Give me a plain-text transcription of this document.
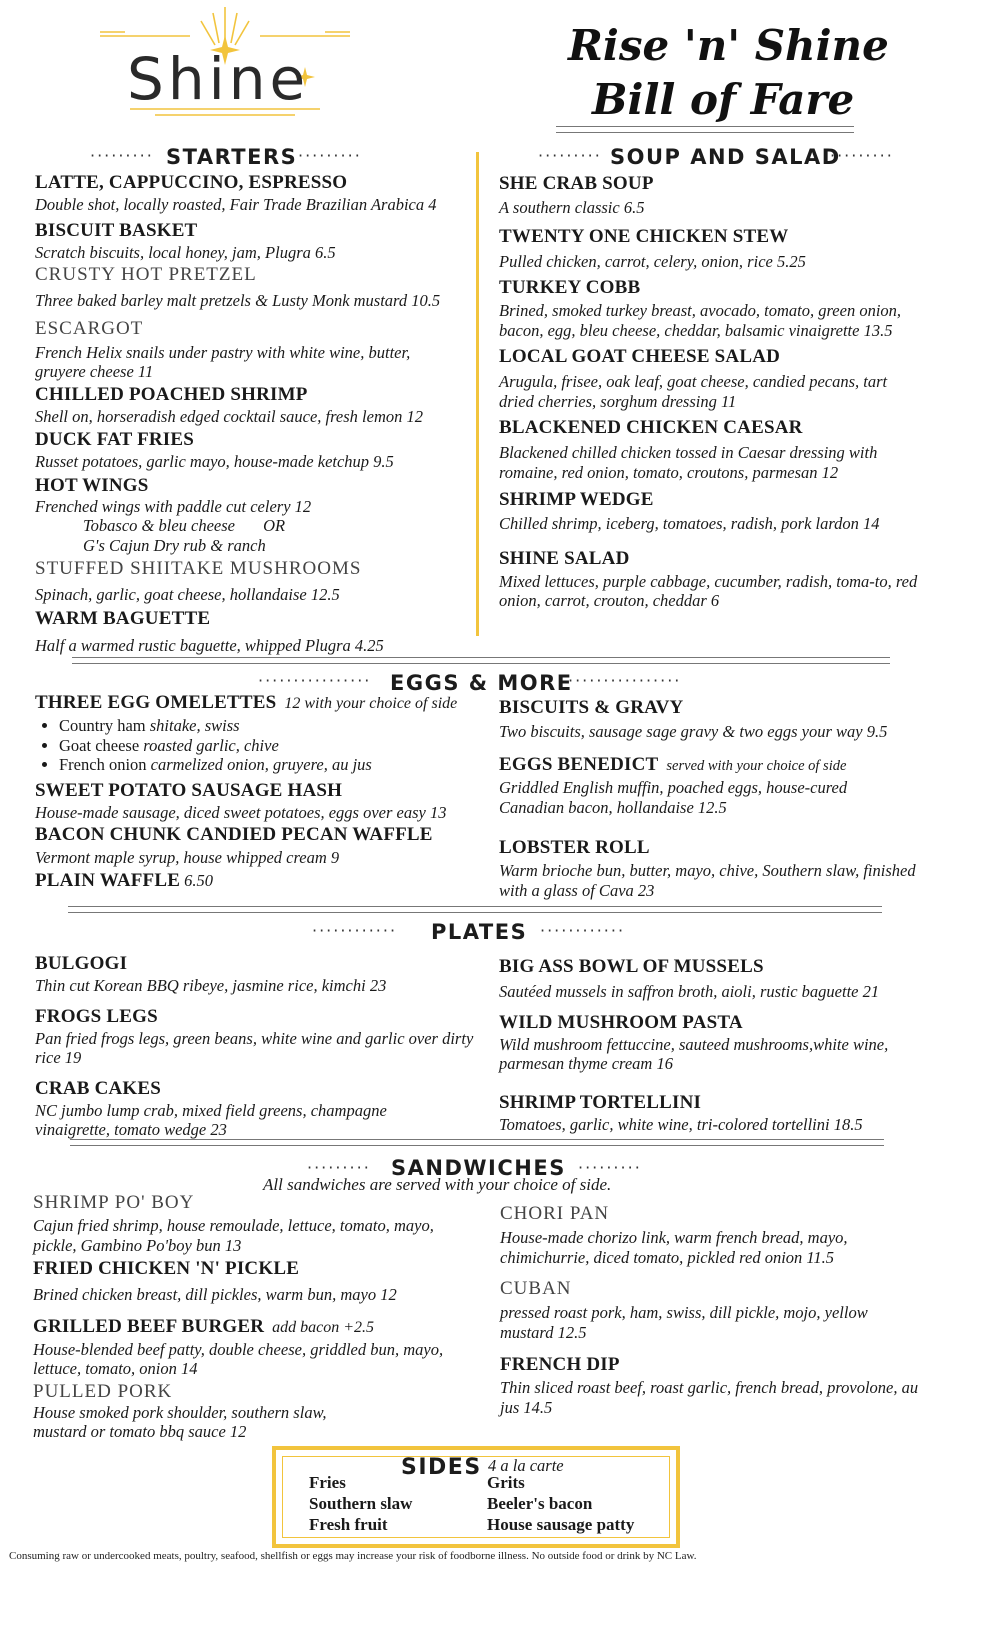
Shine	Rise 'n' Shine
Bill of Fare
········· STARTERS ·········
LATTE, CAPPUCCINO, ESPRESSO
Double shot, locally roasted, Fair Trade Brazilian Arabica 4
BISCUIT BASKET
Scratch biscuits, local honey, jam, Plugra 6.5
CRUSTY HOT PRETZEL
Three baked barley malt pretzels & Lusty Monk mustard 10.5
ESCARGOT
French Helix snails under pastry with white wine, butter, gruyere cheese 11
CHILLED POACHED SHRIMP
Shell on, horseradish edged cocktail sauce, fresh lemon 12
DUCK FAT FRIES
Russet potatoes, garlic mayo, house-made ketchup 9.5
HOT WINGS
Frenched wings with paddle cut celery 12
Tobasco & bleu cheese OR
G's Cajun Dry rub & ranch
STUFFED SHIITAKE MUSHROOMS
Spinach, garlic, goat cheese, hollandaise 12.5
WARM BAGUETTE
Half a warmed rustic baguette, whipped Plugra 4.25
········· SOUP AND SALAD
·········
SHE CRAB SOUP
A southern classic 6.5
TWENTY ONE CHICKEN STEW
Pulled chicken, carrot, celery, onion, rice 5.25
TURKEY COBB
Brined, smoked turkey breast, avocado, tomato, green onion, bacon, egg, bleu cheese, cheddar, balsamic vinaigrette 13.5
LOCAL GOAT CHEESE SALAD
Arugula, frisee, oak leaf, goat cheese, candied pecans, tart dried cherries, sorghum dressing 11
BLACKENED CHICKEN CAESAR
Blackened chilled chicken tossed in Caesar dressing with romaine, red onion, tomato, croutons, parmesan 12
SHRIMP WEDGE
Chilled shrimp, iceberg, tomatoes, radish, pork lardon 14
SHINE SALAD
Mixed lettuces, purple cabbage, cucumber, radish, toma-to, red onion, carrot, crouton, cheddar 6
················ EGGS & MORE
················
THREE EGG OMELETTES 12 with your choice of side
• Country ham shitake, swiss
• Goat cheese roasted garlic, chive
• French onion carmelized onion, gruyere, au jus
SWEET POTATO SAUSAGE HASH
House-made sausage, diced sweet potatoes, eggs over easy 13
BACON CHUNK CANDIED PECAN WAFFLE
Vermont maple syrup, house whipped cream 9
PLAIN WAFFLE 6.50
BISCUITS & GRAVY
Two biscuits, sausage sage gravy & two eggs your way 9.5
EGGS BENEDICT served with your choice of side
Griddled English muffin, poached eggs, house-cured Canadian bacon, hollandaise 12.5
LOBSTER ROLL
Warm brioche bun, butter, mayo, chive, Southern slaw, finished with a glass of Cava 23
············ PLATES ············
BULGOGI
Thin cut Korean BBQ ribeye, jasmine rice, kimchi 23
FROGS LEGS
Pan fried frogs legs, green beans, white wine and garlic over dirty rice 19
CRAB CAKES
NC jumbo lump crab, mixed field greens, champagne vinaigrette, tomato wedge 23
BIG ASS BOWL OF MUSSELS
Sautéed mussels in saffron broth, aioli, rustic baguette 21
WILD MUSHROOM PASTA
Wild mushroom fettuccine, sauteed mushrooms,white wine, parmesan thyme cream 16
SHRIMP TORTELLINI
Tomatoes, garlic, white wine, tri-colored tortellini 18.5
········· SANDWICHES ·········
All sandwiches are served with your choice of side.
SHRIMP PO' BOY
Cajun fried shrimp, house remoulade, lettuce, tomato, mayo, pickle, Gambino Po'boy bun 13
FRIED CHICKEN 'N' PICKLE
Brined chicken breast, dill pickles, warm bun, mayo 12
GRILLED BEEF BURGER add bacon +2.5
House-blended beef patty, double cheese, griddled bun, mayo, lettuce, tomato, onion 14
PULLED PORK
House smoked pork shoulder, southern slaw, mustard or tomato bbq sauce 12
CHORI PAN
House-made chorizo link, warm french bread, mayo, chimichurrie, diced tomato, pickled red onion 11.5
CUBAN
pressed roast pork, ham, swiss, dill pickle, mojo, yellow mustard 12.5
FRENCH DIP
Thin sliced roast beef, roast garlic, french bread, provolone, au jus 14.5
SIDES 4 a la carte
Fries
Southern slaw
Fresh fruit
Grits
Beeler's bacon
House sausage patty
Consuming raw or undercooked meats, poultry, seafood, shellfish or eggs may increase your risk of foodborne illness. No outside food or drink by NC Law.
